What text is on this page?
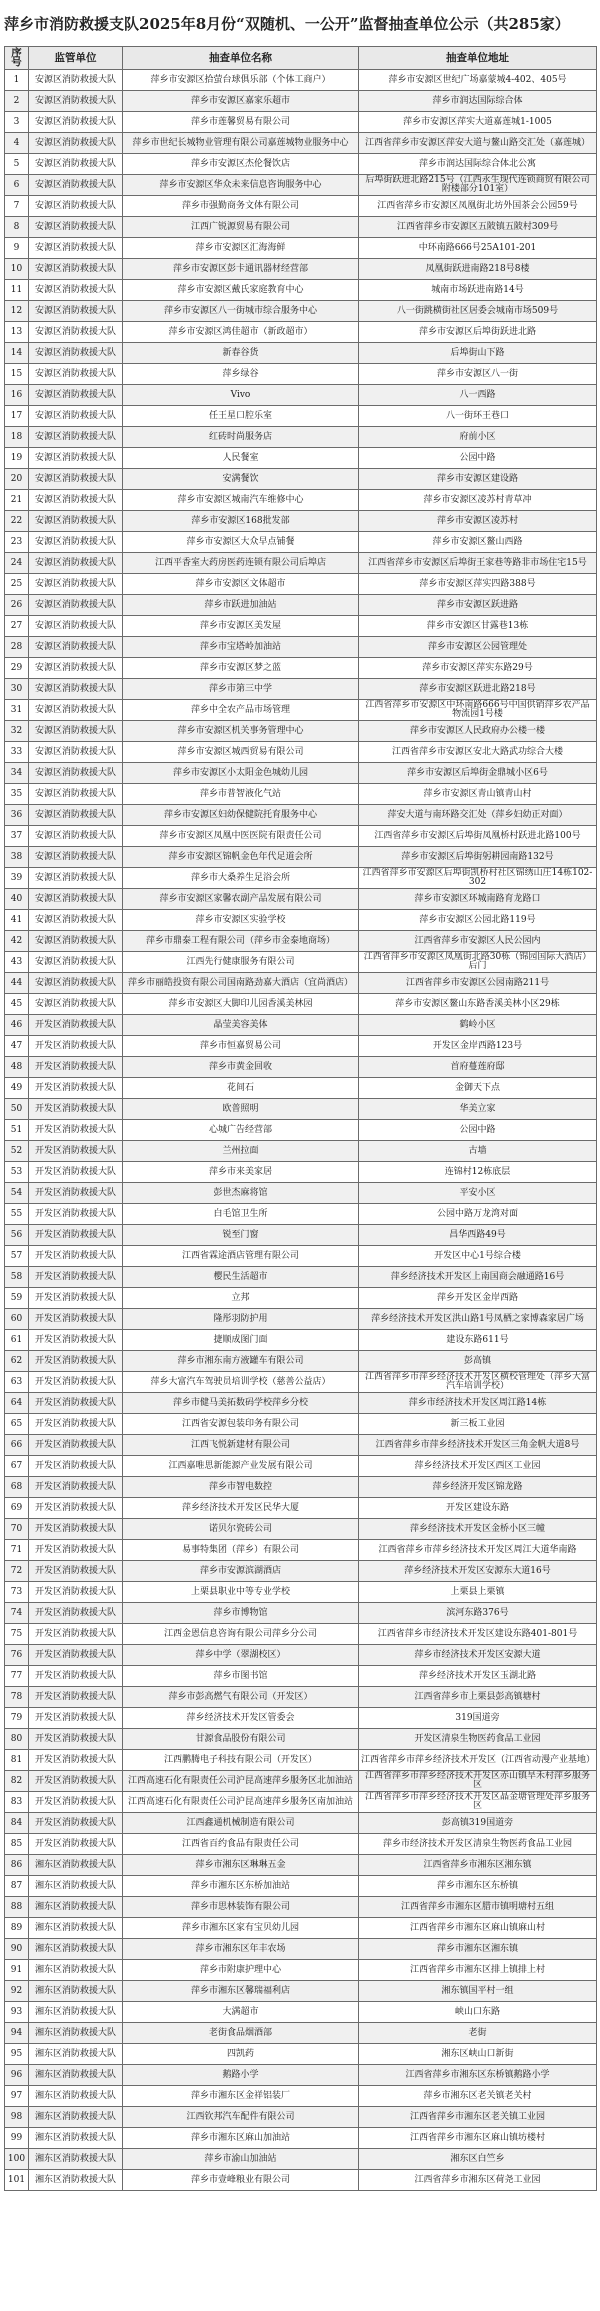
萍乡市消防救援支队2025年8月份“双随机、一公开”监督抽查单位公示（共285家）
序号	监管单位	抽查单位名称	抽查单位地址
1	安源区消防救援大队	萍乡市安源区拾萤台球俱乐部（个体工商户）	萍乡市安源区世纪广场嘉蒙城4-402、405号
2	安源区消防救援大队	萍乡市安源区嘉家乐超市	萍乡市润达国际综合体
3	安源区消防救援大队	萍乡市莲馨贸易有限公司	萍乡市安源区萍实大道嘉莲城1-1005
4	安源区消防救援大队	萍乡市世纪长城物业管理有限公司嘉莲城物业服务中心	江西省萍乡市安源区萍安大道与鳌山路交汇处（嘉莲城）
5	安源区消防救援大队	萍乡市安源区杰伦餐饮店	萍乡市润达国际综合体北公寓
6	安源区消防救援大队	萍乡市安源区华众未来信息咨询服务中心	后埠街跃进北路215号（江西永生现代连锁商贸有限公司附楼部分101室）
7	安源区消防救援大队	萍乡市强勤商务文体有限公司	江西省萍乡市安源区凤凰街北坊外国茶会公园59号
8	安源区消防救援大队	江西广锐源贸易有限公司	江西省萍乡市安源区五陂镇五陂村309号
9	安源区消防救援大队	萍乡市安源区汇海海鲜	中环南路666号25A101-201
10	安源区消防救援大队	萍乡市安源区彭卡通讯器材经营部	凤凰街跃进南路218号8楼
11	安源区消防救援大队	萍乡市安源区戴氏家庭教育中心	城南市场跃进南路14号
12	安源区消防救援大队	萍乡市安源区八一街城市综合服务中心	八一街跳横街社区居委会城南市场509号
13	安源区消防救援大队	萍乡市安源区鸿佳超市（新政超市）	萍乡市安源区后埠街跃进北路
14	安源区消防救援大队	新春谷货	后埠街山下路
15	安源区消防救援大队	萍乡绿谷	萍乡市安源区八一街
16	安源区消防救援大队	Vivo	八一西路
17	安源区消防救援大队	任王星口腔乐室	八一街环王巷口
18	安源区消防救援大队	红砖时尚服务店	府前小区
19	安源区消防救援大队	人民餐室	公园中路
20	安源区消防救援大队	安满餐饮	萍乡市安源区建设路
21	安源区消防救援大队	萍乡市安源区城南汽车维修中心	萍乡市安源区凌苏村青草冲
22	安源区消防救援大队	萍乡市安源区168批发部	萍乡市安源区凌苏村
23	安源区消防救援大队	萍乡市安源区大众早点铺餐	萍乡市安源区鳌山西路
24	安源区消防救援大队	江西平香室大药房医药连锁有限公司后埠店	江西省萍乡市安源区后埠街王家巷等路非市场住宅15号
25	安源区消防救援大队	萍乡市安源区文体超市	萍乡市安源区萍实四路388号
26	安源区消防救援大队	萍乡市跃进加油站	萍乡市安源区跃进路
27	安源区消防救援大队	萍乡市安源区美发屋	萍乡市安源区甘露巷13栋
28	安源区消防救援大队	萍乡市宝塔岭加油站	萍乡市安源区公园管理处
29	安源区消防救援大队	萍乡市安源区梦之蓝	萍乡市安源区萍实东路29号
30	安源区消防救援大队	萍乡市第三中学	萍乡市安源区跃进北路218号
31	安源区消防救援大队	萍乡中全农产品市场管理	江西省萍乡市安源区中环南路666号中国供销萍乡农产品物流园1号楼
32	安源区消防救援大队	萍乡市安源区机关事务管理中心	萍乡市安源区人民政府办公楼一楼
33	安源区消防救援大队	萍乡市安源区城西贸易有限公司	江西省萍乡市安源区安北大路武功综合大楼
34	安源区消防救援大队	萍乡市安源区小太阳金色城幼儿园	萍乡市安源区后埠街金鼎城小区6号
35	安源区消防救援大队	萍乡市普智液化气站	萍乡市安源区青山镇青山村
36	安源区消防救援大队	萍乡市安源区妇幼保健院托育服务中心	萍安大道与南环路交汇处（萍乡妇幼正对面）
37	安源区消防救援大队	萍乡市安源区凤凰中医医院有限责任公司	江西省萍乡市安源区后埠街凤凰桥村跃进北路100号
38	安源区消防救援大队	萍乡市安源区锦帆金色年代足道会所	萍乡市安源区后埠街躬耕园南路132号
39	安源区消防救援大队	萍乡市大桑养生足浴会所	江西省萍乡市安源区后埠街凯桥村社区锦绣山庄14栋102-302
40	安源区消防救援大队	萍乡市安源区家馨农副产品发展有限公司	萍乡市安源区环城南路育龙路口
41	安源区消防救援大队	萍乡市安源区实验学校	萍乡市安源区公园北路119号
42	安源区消防救援大队	萍乡市鼎泰工程有限公司（萍乡市金泰地商场）	江西省萍乡市安源区人民公园内
43	安源区消防救援大队	江西先行健康服务有限公司	江西省萍乡市安源区凤凰街北路30栋（锦园国际大酒店）后门
44	安源区消防救援大队	萍乡市丽皓投资有限公司国南路劲嘉大酒店（宜尚酒店）	江西省萍乡市安源区公园南路211号
45	安源区消防救援大队	萍乡市安源区大脚印儿园香溪美林园	萍乡市安源区鳌山东路香溪美林小区29栋
46	开发区消防救援大队	晶莹美容美体	鹤岭小区
47	开发区消防救援大队	萍乡市恒嘉贸易公司	开发区金岸西路123号
48	开发区消防救援大队	萍乡市黄金回收	首府蔓莲府邸
49	开发区消防救援大队	花间石	金御天下点
50	开发区消防救援大队	欧普照明	华美立家
51	开发区消防救援大队	心城广告经营部	公园中路
52	开发区消防救援大队	兰州拉面	古墙
53	开发区消防救援大队	萍乡市来美家居	连锦村12栋底层
54	开发区消防救援大队	彭世杰麻将馆	平安小区
55	开发区消防救援大队	白毛馆卫生所	公园中路万龙湾对面
56	开发区消防救援大队	锐至门窗	昌华西路49号
57	开发区消防救援大队	江西省霖途酒店管理有限公司	开发区中心1号综合楼
58	开发区消防救援大队	樱民生活超市	萍乡经济技术开发区上南国商会融通路16号
59	开发区消防救援大队	立邦	萍乡开发区金岸西路
60	开发区消防救援大队	隆彤羽防护用	萍乡经济技术开发区洪山路1号凤栖之家博森家居广场
61	开发区消防救援大队	捷顺成图门面	建设东路611号
62	开发区消防救援大队	萍乡市湘东南方液罐车有限公司	彭高镇
63	开发区消防救援大队	萍乡大富汽车驾驶员培训学校（慈善公益店）	江西省萍乡市萍乡经济技术开发区横校管理处（萍乡大富汽车培训学校）
64	开发区消防救援大队	萍乡市健马美拓数码学校萍乡分校	萍乡市经济技术开发区周江路14栋
65	开发区消防救援大队	江西省安源包装印务有限公司	新三板工业园
66	开发区消防救援大队	江西飞悦新建材有限公司	江西省萍乡市萍乡经济技术开发区三角金帆大道8号
67	开发区消防救援大队	江西嘉唯思新能源产业发展有限公司	萍乡经济技术开发区西区工业园
68	开发区消防救援大队	萍乡市智电数控	萍乡经济开发区锦龙路
69	开发区消防救援大队	萍乡经济技术开发区民华大厦	开发区建设东路
70	开发区消防救援大队	诺贝尔瓷砖公司	萍乡经济技术开发区金桥小区三幢
71	开发区消防救援大队	易事特集团（萍乡）有限公司	江西省萍乡市萍乡经济技术开发区周江大道华南路
72	开发区消防救援大队	萍乡市安源滨湖酒店	萍乡经济技术开发区安源东大道16号
73	开发区消防救援大队	上栗县职业中等专业学校	上栗县上栗镇
74	开发区消防救援大队	萍乡市博物馆	滨河东路376号
75	开发区消防救援大队	江西金恩信息咨询有限公司萍乡分公司	江西省萍乡市经济技术开发区建设东路401-801号
76	开发区消防救援大队	萍乡中学（翠湖校区）	萍乡市经济技术开发区安源大道
77	开发区消防救援大队	萍乡市图书馆	萍乡经济技术开发区玉湖北路
78	开发区消防救援大队	萍乡市彭高燃气有限公司（开发区）	江西省萍乡市上栗县彭高镇塘村
79	开发区消防救援大队	萍乡经济技术开发区管委会	319国道旁
80	开发区消防救援大队	甘源食品股份有限公司	开发区清泉生物医药食品工业园
81	开发区消防救援大队	江西鹏腾电子科技有限公司（开发区）	江西省萍乡市萍乡经济技术开发区（江西省动漫产业基地）
82	开发区消防救援大队	江西高速石化有限责任公司沪昆高速萍乡服务区北加油站	江西省萍乡市萍乡经济技术开发区赤山镇旱禾村萍乡服务区
83	开发区消防救援大队	江西高速石化有限责任公司沪昆高速萍乡服务区南加油站	江西省萍乡市萍乡经济技术开发区晶金塘管理处萍乡服务区
84	开发区消防救援大队	江西鑫通机械制造有限公司	彭高镇319国道旁
85	开发区消防救援大队	江西省百约食品有限责任公司	萍乡市经济技术开发区清泉生物医药食品工业园
86	湘东区消防救援大队	萍乡市湘东区琳琳五金	江西省萍乡市湘东区湘东镇
87	湘东区消防救援大队	萍乡市湘东区东桥加油站	萍乡市湘东区东桥镇
88	湘东区消防救援大队	萍乡市思林装饰有限公司	江西省萍乡市湘东区腊市镇明塘村五组
89	湘东区消防救援大队	萍乡市湘东区家有宝贝幼儿园	江西省萍乡市湘东区麻山镇麻山村
90	湘东区消防救援大队	萍乡市湘东区年丰农场	萍乡市湘东区湘东镇
91	湘东区消防救援大队	萍乡市附康护理中心	江西省萍乡市湘东区排上镇排上村
92	湘东区消防救援大队	萍乡市湘东区馨瑞福利店	湘东镇国平村一组
93	湘东区消防救援大队	大满超市	峡山口东路
94	湘东区消防救援大队	老街食品烟酒部	老街
95	湘东区消防救援大队	四凯药	湘东区峡山口新街
96	湘东区消防救援大队	鹅路小学	江西省萍乡市湘东区东桥镇鹅路小学
97	湘东区消防救援大队	萍乡市湘东区金祥铝装厂	萍乡市湘东区老关镇老关村
98	湘东区消防救援大队	江西钦邦汽车配件有限公司	江西省萍乡市湘东区老关镇工业园
99	湘东区消防救援大队	萍乡市湘东区麻山加油站	江西省萍乡市湘东区麻山镇坊楼村
100	湘东区消防救援大队	萍乡市渝山加油站	湘东区白竺乡
101	湘东区消防救援大队	萍乡市壹峰粮业有限公司	江西省萍乡市湘东区荷尧工业园
